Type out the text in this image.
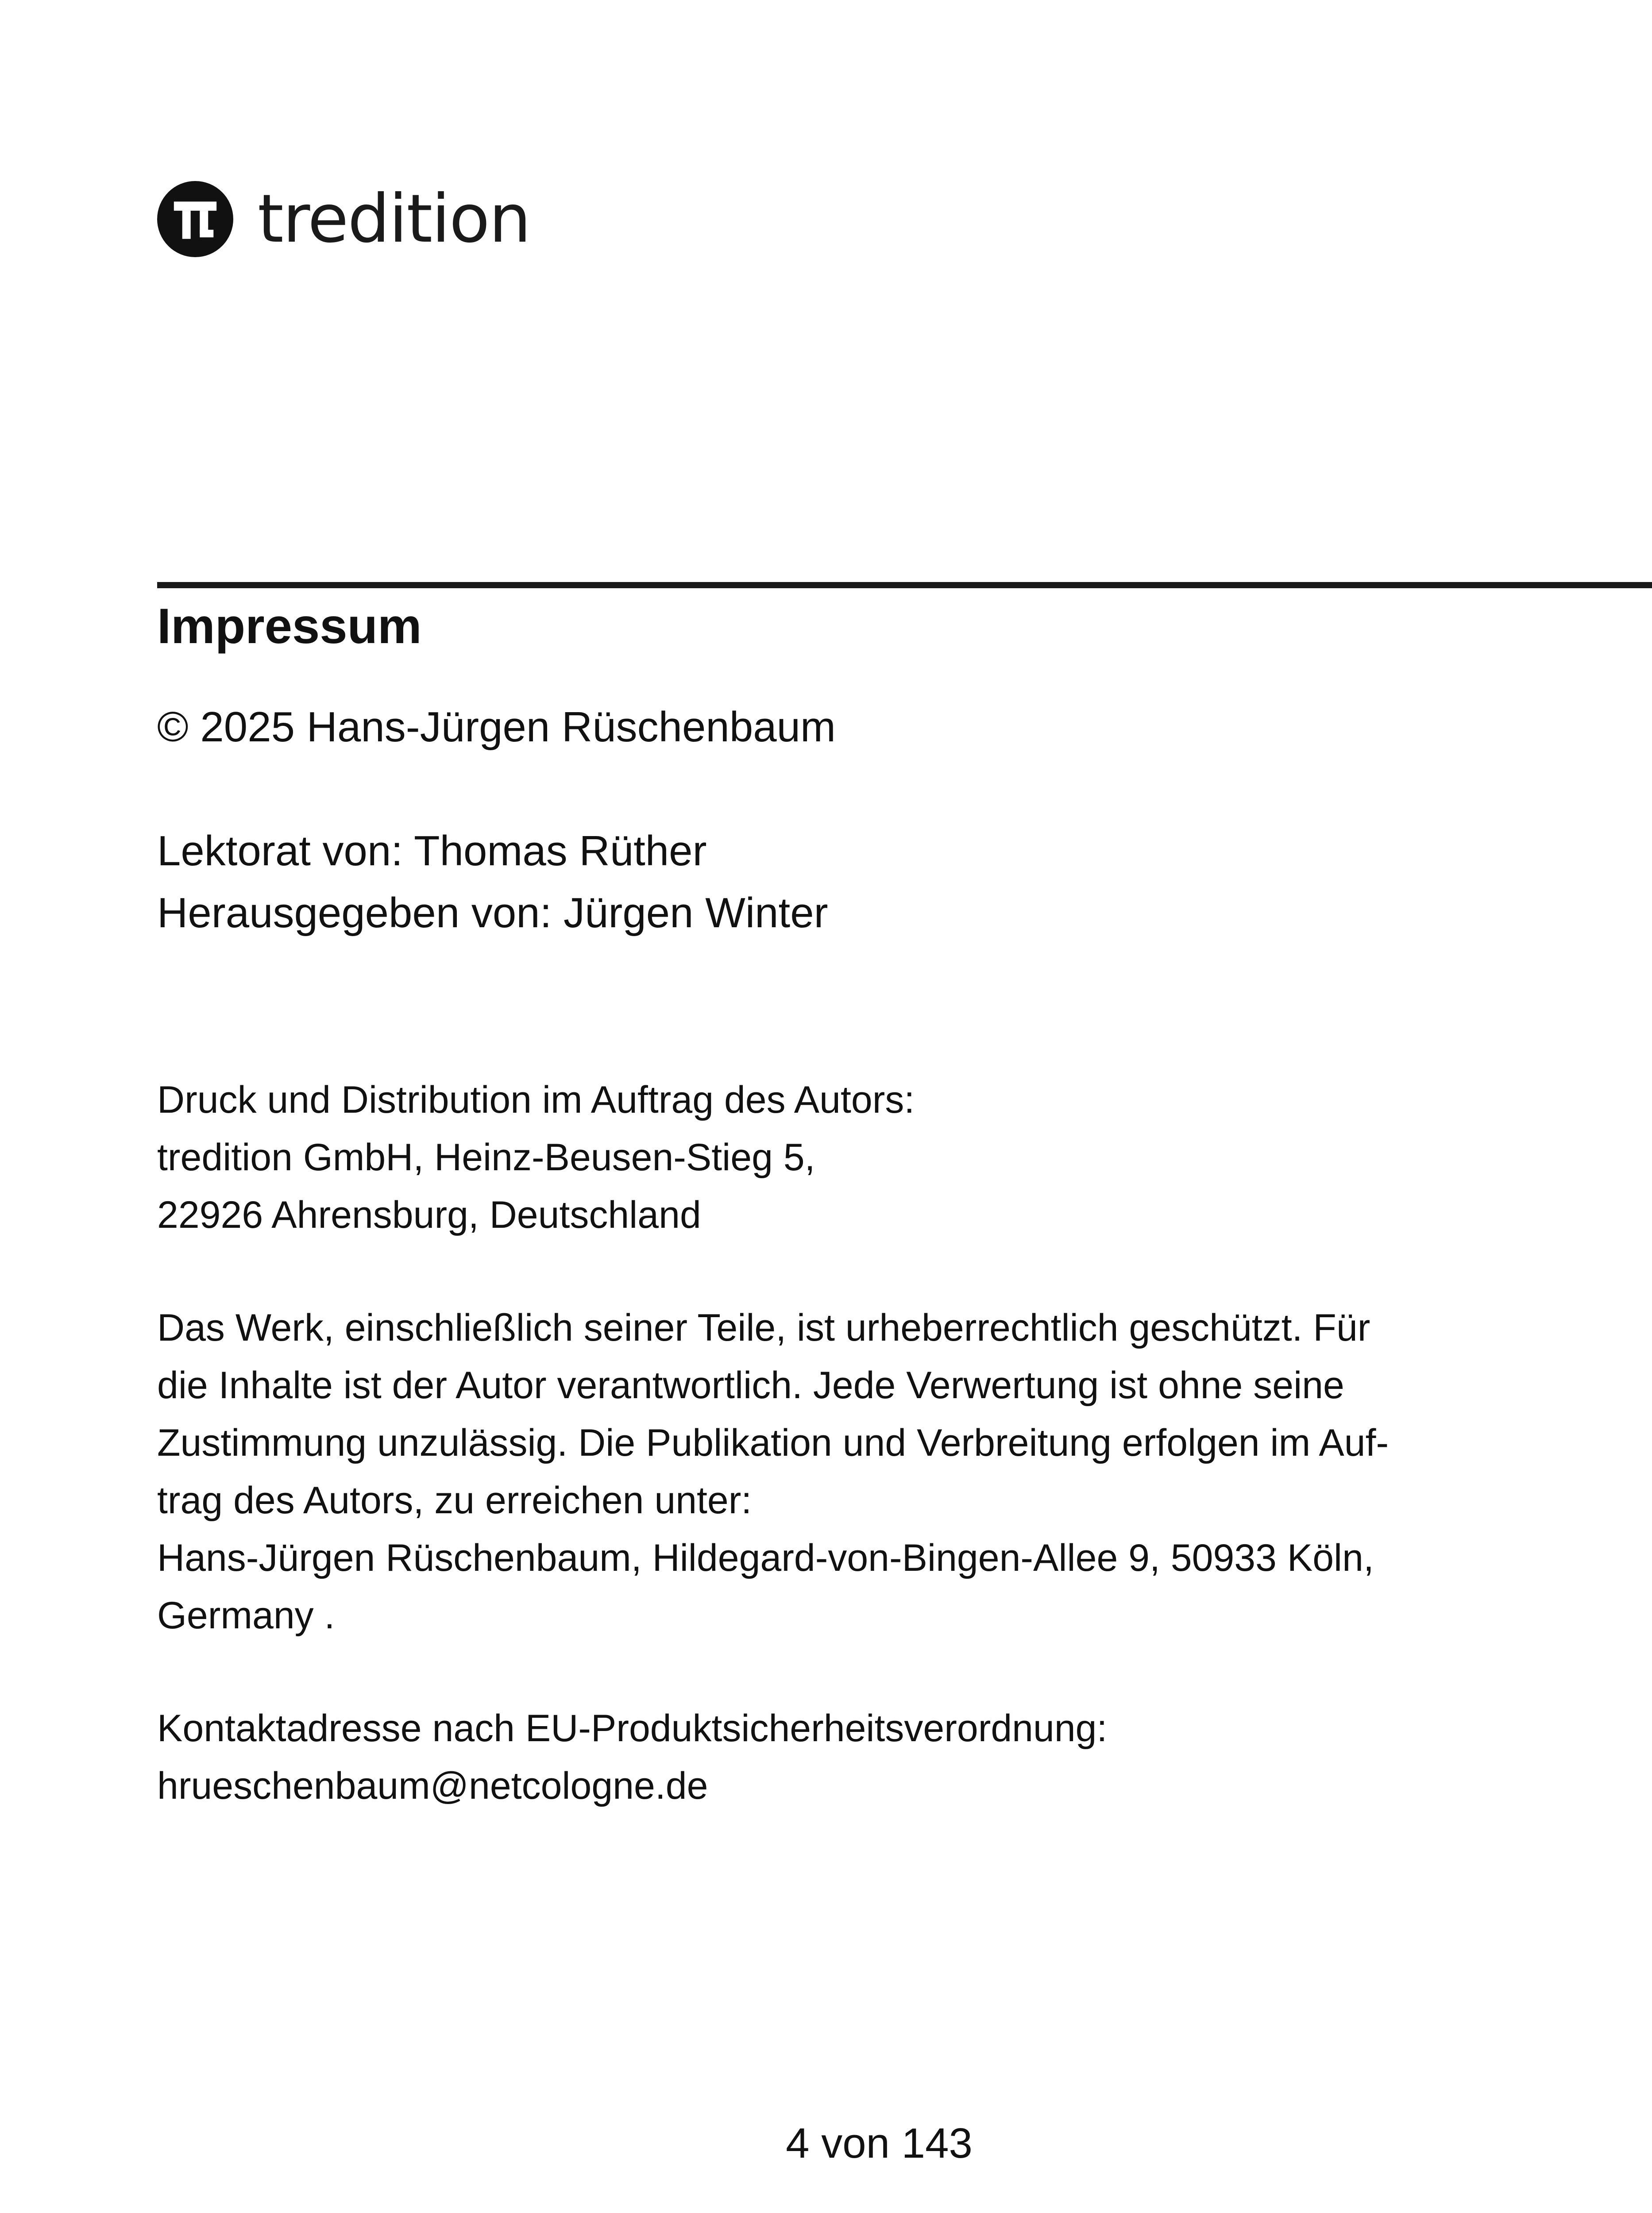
tredition
Impressum

© 2025 Hans-Jürgen Rüschenbaum

Lektorat von: Thomas Rüther

Herausgegeben von: Jürgen Winter

Druck und Distribution im Auftrag des Autors:
tredition GmbH, Heinz-Beusen-Stieg 5,
22926 Ahrensburg, Deutschland
Das Werk, einschließlich seiner Teile, ist urheberrechtlich geschützt. Für
die Inhalte ist der Autor verantwortlich. Jede Verwertung ist ohne seine
Zustimmung unzulässig. Die Publikation und Verbreitung erfolgen im Auf-
trag des Autors, zu erreichen unter:
Hans-Jürgen Rüschenbaum, Hildegard-von-Bingen-Allee 9, 50933 Köln,
Germany .
Kontaktadresse nach EU-Produktsicherheitsverordnung:
hrueschenbaum@netcologne.de

4 von 143
